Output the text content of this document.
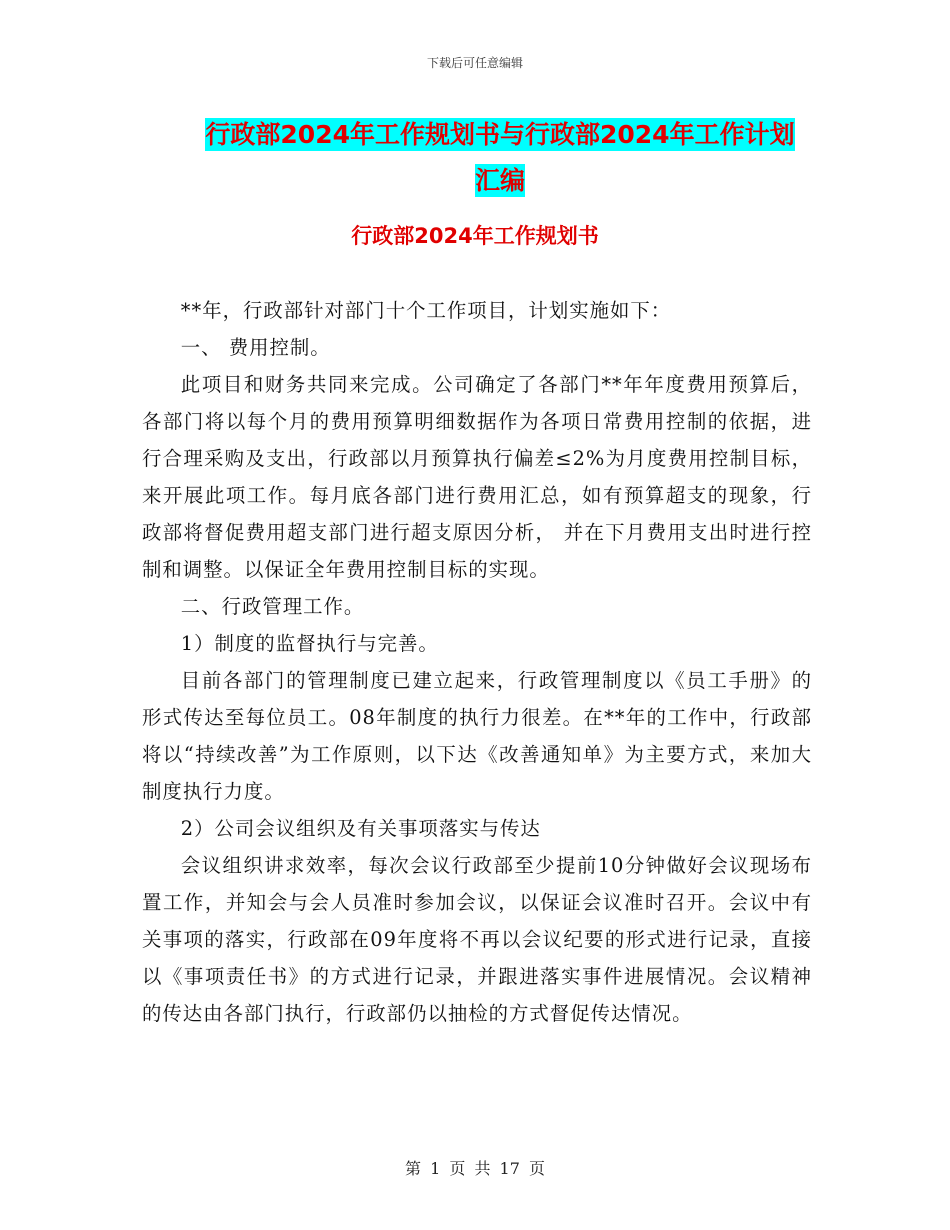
下载后可任意编辑
行政部2024年工作规划书与行政部2024年工作计划
汇编
行政部2024年工作规划书

**年，行政部针对部门十个工作项目，计划实施如下：

一、 费用控制。

此项目和财务共同来完成。公司确定了各部门**年年度费用预算后，各部门将以每个月的费用预算明细数据作为各项日常费用控制的依据，进行合理采购及支出，行政部以月预算执行偏差≤2%为月度费用控制目标，来开展此项工作。每月底各部门进行费用汇总，如有预算超支的现象，行政部将督促费用超支部门进行超支原因分析， 并在下月费用支出时进行控制和调整。以保证全年费用控制目标的实现。

二、行政管理工作。

1）制度的监督执行与完善。

目前各部门的管理制度已建立起来，行政管理制度以《员工手册》的形式传达至每位员工。08年制度的执行力很差。在**年的工作中，行政部将以“持续改善”为工作原则，以下达《改善通知单》为主要方式，来加大制度执行力度。

2）公司会议组织及有关事项落实与传达

会议组织讲求效率，每次会议行政部至少提前10分钟做好会议现场布置工作，并知会与会人员准时参加会议，以保证会议准时召开。会议中有关事项的落实，行政部在09年度将不再以会议纪要的形式进行记录，直接以《事项责任书》的方式进行记录，并跟进落实事件进展情况。会议精神的传达由各部门执行，行政部仍以抽检的方式督促传达情况。

第 1 页 共 17 页
